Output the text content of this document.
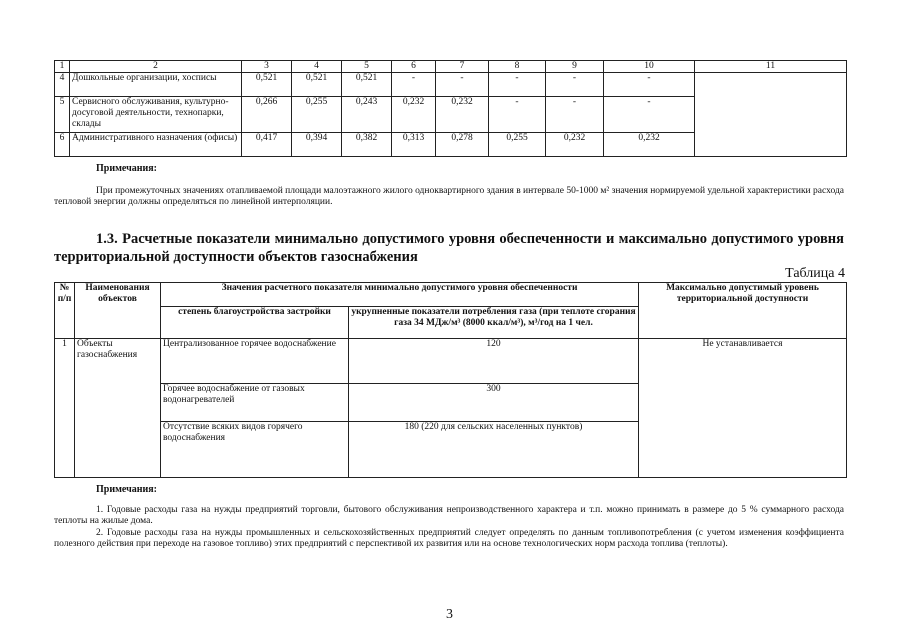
1	2	3	4	5	6	7	8	9	10	11
4	Дошкольные организации, хосписы	0,521	0,521	0,521	-	-	-	-	-	
5	Сервисного обслуживания, культурно-досуговой деятельности, технопарки, склады	0,266	0,255	0,243	0,232	0,232	-	-	-	
6	Административного назначения (офисы)	0,417	0,394	0,382	0,313	0,278	0,255	0,232	0,232	
Примечания:
При промежуточных значениях отапливаемой площади малоэтажного жилого одноквартирного здания в интервале 50-1000 м² значения нормируемой удельной характеристики расхода тепловой энергии должны определяться по линейной интерполяции.
1.3. Расчетные показатели минимально допустимого уровня обеспеченности и максимально допустимого уровня территориальной доступности объектов газоснабжения
Таблица 4
№ п/п	Наименования объектов	Значения расчетного показателя минимально допустимого уровня обеспеченности		Максимально допустимый уровень территориальной доступности
		степень благоустройства застройки	укрупненные показатели потребления газа (при теплоте сгорания газа 34 МДж/м³ (8000 ккал/м³), м³/год на 1 чел.	
1	Объекты газоснабжения	Централизованное горячее водоснабжение	120	Не устанавливается
		Горячее водоснабжение от газовых водонагревателей	300	
		Отсутствие всяких видов горячего водоснабжения	180 (220 для сельских населенных пунктов)	
Примечания:
1. Годовые расходы газа на нужды предприятий торговли, бытового обслуживания непроизводственного характера и т.п. можно принимать в размере до 5 % суммарного расхода теплоты на жилые дома.
2. Годовые расходы газа на нужды промышленных и сельскохозяйственных предприятий следует определять по данным топливопотребления (с учетом изменения коэффициента полезного действия при переходе на газовое топливо) этих предприятий с перспективой их развития или на основе технологических норм расхода топлива (теплоты).
3
